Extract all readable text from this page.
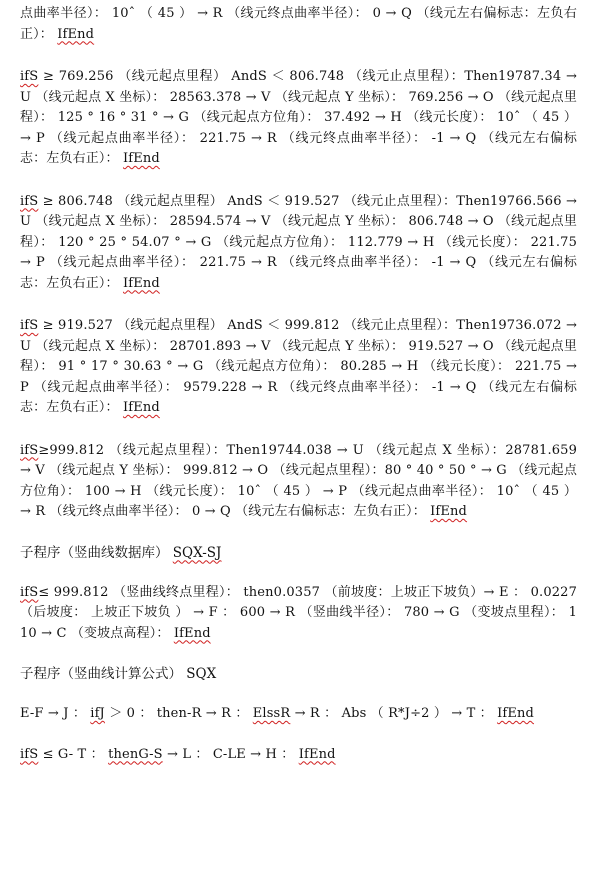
点曲率半径）： 10ˆ （ 45 ） → R （线元终点曲率半径）： 0 → Q （线元左右偏标志：左负右正）： IfEnd

ifS ≥ 769.256 （线元起点里程） AndS ＜ 806.748 （线元止点里程）：Then19787.34 → U （线元起点 X 坐标）： 28563.378 → V （线元起点 Y 坐标）： 769.256 → O （线元起点里程）： 125 ° 16 ° 31 ° → G （线元起点方位角）： 37.492 → H （线元长度）： 10ˆ （ 45 ） → P （线元起点曲率半径）： 221.75 → R （线元终点曲率半径）： -1 → Q （线元左右偏标志：左负右正）： IfEnd

ifS ≥ 806.748 （线元起点里程） AndS ＜ 919.527 （线元止点里程）：Then19766.566 → U （线元起点 X 坐标）： 28594.574 → V （线元起点 Y 坐标）： 806.748 → O （线元起点里程）： 120 ° 25 ° 54.07 ° → G （线元起点方位角）： 112.779 → H （线元长度）： 221.75 → P （线元起点曲率半径）： 221.75 → R （线元终点曲率半径）： -1 → Q （线元左右偏标志：左负右正）： IfEnd

ifS ≥ 919.527 （线元起点里程） AndS ＜ 999.812 （线元止点里程）：Then19736.072 → U （线元起点 X 坐标）： 28701.893 → V （线元起点 Y 坐标）： 919.527 → O （线元起点里程）： 91 ° 17 ° 30.63 ° → G （线元起点方位角）： 80.285 → H （线元长度）： 221.75 → P （线元起点曲率半径）： 9579.228 → R （线元终点曲率半径）： -1 → Q （线元左右偏标志：左负右正）： IfEnd

ifS≥999.812 （线元起点里程）：Then19744.038 → U （线元起点 X 坐标）：28781.659 → V （线元起点 Y 坐标）： 999.812 → O （线元起点里程）：80 ° 40 ° 50 ° → G （线元起点方位角）： 100 → H （线元长度）： 10ˆ （ 45 ） → P （线元起点曲率半径）： 10ˆ （ 45 ） → R （线元终点曲率半径）： 0 → Q （线元左右偏标志：左负右正）： IfEnd

子程序（竖曲线数据库） SQX-SJ

ifS≤ 999.812 （竖曲线终点里程）： then0.0357 （前坡度：上坡正下坡负）→ E ： 0.0227 （后坡度： 上坡正下坡负 ） → F ： 600 → R （竖曲线半径）： 780 → G （变坡点里程）： 110 → C （变坡点高程）： IfEnd

子程序（竖曲线计算公式） SQX

E-F → J ： ifJ ＞ 0 ： then-R → R ： ElssR → R ： Abs （ R*J÷2 ） → T ： IfEnd

ifS ≤ G- T ： thenG-S → L ： C-LE → H ： IfEnd
